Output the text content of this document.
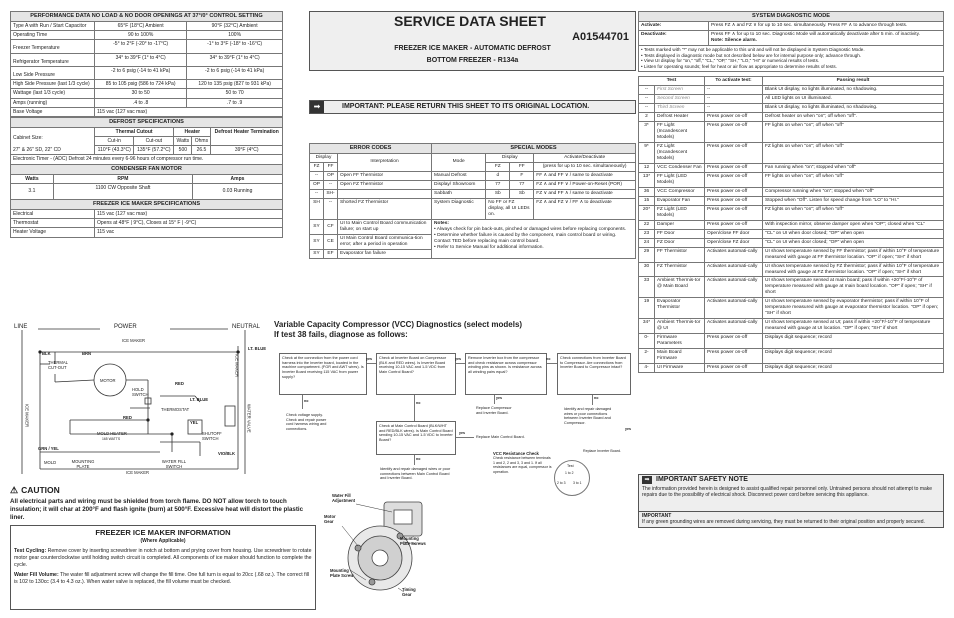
PERFORMANCE DATA NO LOAD & NO DOOR OPENINGS AT 37°/0° CONTROL SETTING		
Type A with Run / Start Capacitor	65°F (18°C) Ambient	90°F (32°C) Ambient
Operating Time	90 to 100%	100%
Freezer Temperature	-5° to 2°F (-20° to -17°C)	-1° to 3°F (-18° to -16°C)
Refrigerator Temperature	34° to 39°F (1° to 4°C)	34° to 39°F (1° to 4°C)
Low Side Pressure	-2 to 6 psig (-14 to 41 kPa)	-2 to 6 psig (-14 to 41 kPa)
High Side Pressure (last 1/3 cycle)	85 to 105 psig (586 to 724 kPa)	120 to 135 psig (827 to 931 kPa)
Wattage (last 1/3 cycle)	30 to 50	50 to 70
Amps (running)	.4 to .8	.7 to .9
Base Voltage	115 vac (127 vac max)	
DEFROST SPECIFICATIONS					

Cabinet Size:
27" & 26" SD, 22" CD	Thermal Cutout		Heater		Defrost Heater Termination
	Cut-in	Cut-out	Watts	Ohms	
	110°F (43.3°C)	135°F (57.2°C)	500	26.5	39°F (4°C)
Electronic Timer - (ADC) Defrost 24 minutes every 6-96 hours of compressor run time.					
CONDENSER FAN MOTOR		
Watts	RPM	Amps
3.1	1100 CW Opposite Shaft	0.03 Running
FREEZER ICE MAKER SPECIFICATIONS	
Electrical	115 vac (127 vac max)
Thermostat	Opens at 48°F | 9°C), Closes at 15° F | -9°C)
Heater Voltage	115 vac
LINE	POWER	NEUTRAL
ICE MAKER
BLK	BRN
THERMAL CUT-OUT
MOTOR
HOLD SWITCH
RED
LT. BLUE
THERMOSTAT
SHUTOFF SWITCH
MOLD HEATER
165 WATTS
GRN / YEL
MOLD	MOUNTING PLATE
WATER FILL SWITCH
ICE MAKER
VIO/BLK
WATER VALVE
ICE MAKER
ICE MAKER	RED
LT. BLUE
YEL
⚠ CAUTION
All electrical parts and wiring must be shielded from torch flame. DO NOT allow torch to touch insulation; it will char at 200°F and flash ignite (burn) at 500°F. Excessive heat will distort the plastic liner.
FREEZER ICE MAKER INFORMATION
(Where Applicable)
Test Cycling: Remove cover by inserting screwdriver in notch at bottom and prying cover from housing. Use screwdriver to rotate motor gear counterclockwise until holding switch circuit is completed. All components of ice maker should function to complete the cycle.
Water Fill Volume: The water fill adjustment screw will change the fill time. One full turn is equal to 20cc (.68 oz.). The correct fill is 102 to 130cc (3.4 to 4.3 oz.). When water valve is replaced, the fill volume must be checked.
SERVICE DATA SHEET
A01544701
FREEZER ICE MAKER - AUTOMATIC DEFROST
BOTTOM FREEZER - R134a
➡	IMPORTANT: PLEASE RETURN THIS SHEET TO ITS ORIGINAL LOCATION.
ERROR CODES			SPECIAL MODES			
Display		Interpretation	Mode	Display		Activate/Deactivate
FZ	FF			FZ	FF	(press for up to 10 sec. simultaneously)
--	OP	Open FF Thermistor	Manual Defrost	d	F	FF ∧ and FF ∨ / same to deactivate
OP	--	Open FZ Thermistor	Display/ Showroom	77	77	FZ ∧ and FF ∨ / Power-on-Reset (POR)
--	SH-		Sabbath	Sb	Sb	FZ ∨ and FF ∧ / same to deactivate
SH	--	Shorted FZ Thermistor	System Diagnostic	No FF or FZ display, all UI LEDs on.		FZ ∧ and FZ ∨ / FF ∧ to deactivate
SY	CF	UI to Main Control Board communication failure; on start up	Notes:
• Always check for pin back-outs, pinched or damaged wires before replacing components.
• Determine whether failure is caused by the component, main control board or wiring. Contact TED before replacing main control board.
• Refer to Service Manual for additional information.			

SY	CE	UI Main Control Board communica-tion error; after a period in operation				
SY	EF	Evaporator fan failure				
Variable Capacity Compressor (VCC) Diagnostics (select models)
If test 38 fails, diagnose as follows:
Check at the connection from the power cord harness into the Inverter board, located in the machine compartment. (FGR and AWT wires). Is Inverter Board receiving 115 VAC from power supply?
Check at Inverter Board on Compressor (BLK and RED wires). Is Inverter Board receiving 10-15 VAC and 1-5 VDC from Main Control Board?
Remove Inverter box from the compressor and check resistance across compressor winding pins as shown. Is resistance across all winding pairs equal?
Check connections from Inverter Board to Compressor. Are connections from Inverter Board to Compressor intact?
Check voltage supply. Check and repair power cord harness wiring and connections.
Check at Main Control Board (BLK/WHT and RED/BLK wires). Is Main Control Board sending 10-15 VAC and 1-5 VDC to Inverter Board?
Replace Compressor and Inverter Board.
Identify and repair damaged wires or poor connections between Inverter Board and Compressor.
Replace Main Control Board.
Identify and repair damaged wires or poor connections between Main Control Board and Inverter Board.
yes	yes	no
no	no
yes	no
yes
no
yes
VCC Resistance Check
Check resistance between terminals 1 and 2, 2 and 3, 3 and 1. If all resistances are equal, compressor is operation.
Replace Inverter Board.
Test
1 to 2
2 to 3 3 to 1
Water Fill Adjustment
Motor Gear
Mounting Plate Screws
Mounting Plate Screw
Timing Gear
SYSTEM DIAGNOSTIC MODE	
Activate:	Press FZ ∧ and FZ ∨ for up to 10 sec. simultaneously. Press FF ∧ to advance through tests.
Deactivate:	Press FF ∧ for up to 10 sec. Diagnostic Mode will automatically deactivate after 5 min. of inactivity.
Note: Silence alarm.

• Tests marked with "*" may not be applicable to this unit and will not be displayed in System Diagnostic Mode.
• Tests displayed in diagnostic mode but not described below are for internal purpose only; advance through.
• View UI display for "on," "off," "CL," "OP," "SH," "LO," "HI" or numerical results of tests.
• Listen for operating sounds; feel for heat or air flow as appropriate to determine results of tests.	
Test		To activate test:	Passing result
--	First Screen	--	Blank UI display, no lights illuminated, no shadowing.
--	Second Screen	--	All LED lights on UI illuminated.
--	Third Screen	--	Blank UI display, no lights illuminated, no shadowing.
2	Defrost Heater	Press power on-off	Defrost heater on when "on"; off when "off".
3*	FF Light (Incandescent Models)	Press power on-off	FF lights on when "on"; off when "off"
9*	FZ Light (Incandescent Models)	Press power on-off	FZ lights on when "on"; off when "off"
12	VCC Condenser Fan	Press power on-off	Fan running when "on"; stopped when "off"
13*	FF Light (LED Models)	Press power on-off	FF lights on when "on"; off when "off"
36	VCC Compressor	Press power on-off	Compressor running when "on"; stopped when "off"
15	Evaporator Fan	Press power on-off	Stopped when "Off". Listen for speed change from "LO" to "HI."
20*	FZ Light (LED Models)	Press power on-off	FZ lights on when "on"; off when "off"
22	Damper	Press power on-off	With inspection mirror, observe damper open when "OP"; closed when "CL"
23	FF Door	Open/close FF door	"CL" on UI when door closed; "OP" when open
24	FZ Door	Open/close FZ door	"CL" on UI when door closed; "OP" when open
29	FF Thermistor	Activates automati-cally	UI shows temperature sensed by FF thermistor; pass if within 10°F of temperature measured with gauge at FF thermistor location. "OP" if open; "SH" if short
30	FZ Thermistor	Activates automati-cally	UI shows temperature sensed by FZ thermistor; pass if within 10°F of temperature measured with gauge at FZ thermistor location. "OP" if open; "SH" if short
33	Ambient Thermis-tor @ Main Board	Activates automati-cally	UI shows temperature sensed at main board; pass if within +20°F/-10°F of temperature measured with gauge at main board location. "OP" if open; "SH" if short
19	Evaporator Thermistor	Activates automati-cally	UI shows temperature sensed by evaporator thermistor; pass if within 10°F of temperature measured with gauge at evaporator thermistor location. "OP" if open; "SH" if short
34*	Ambient Thermis-tor @ UI	Activates automati-cally	UI shows temperature sensed at UI; pass if within +20°F/-10°F of temperature measured with gauge at UI location. "OP" if open; "SH" if short
0-	Firmware Parameters	Press power on-off	Displays digit sequence; record
2-	Main Board Firmware	Press power on-off	Displays digit sequence; record
4-	UI Firmware	Press power on-off	Displays digit sequence; record
➡ IMPORTANT SAFETY NOTE
The information provided herein is designed to assist qualified repair personnel only. Untrained persons should not attempt to make repairs due to the possibility of electrical shock. Disconnect power cord before servicing this appliance.
IMPORTANT
If any green grounding wires are removed during servicing, they must be returned to their original position and properly secured.
